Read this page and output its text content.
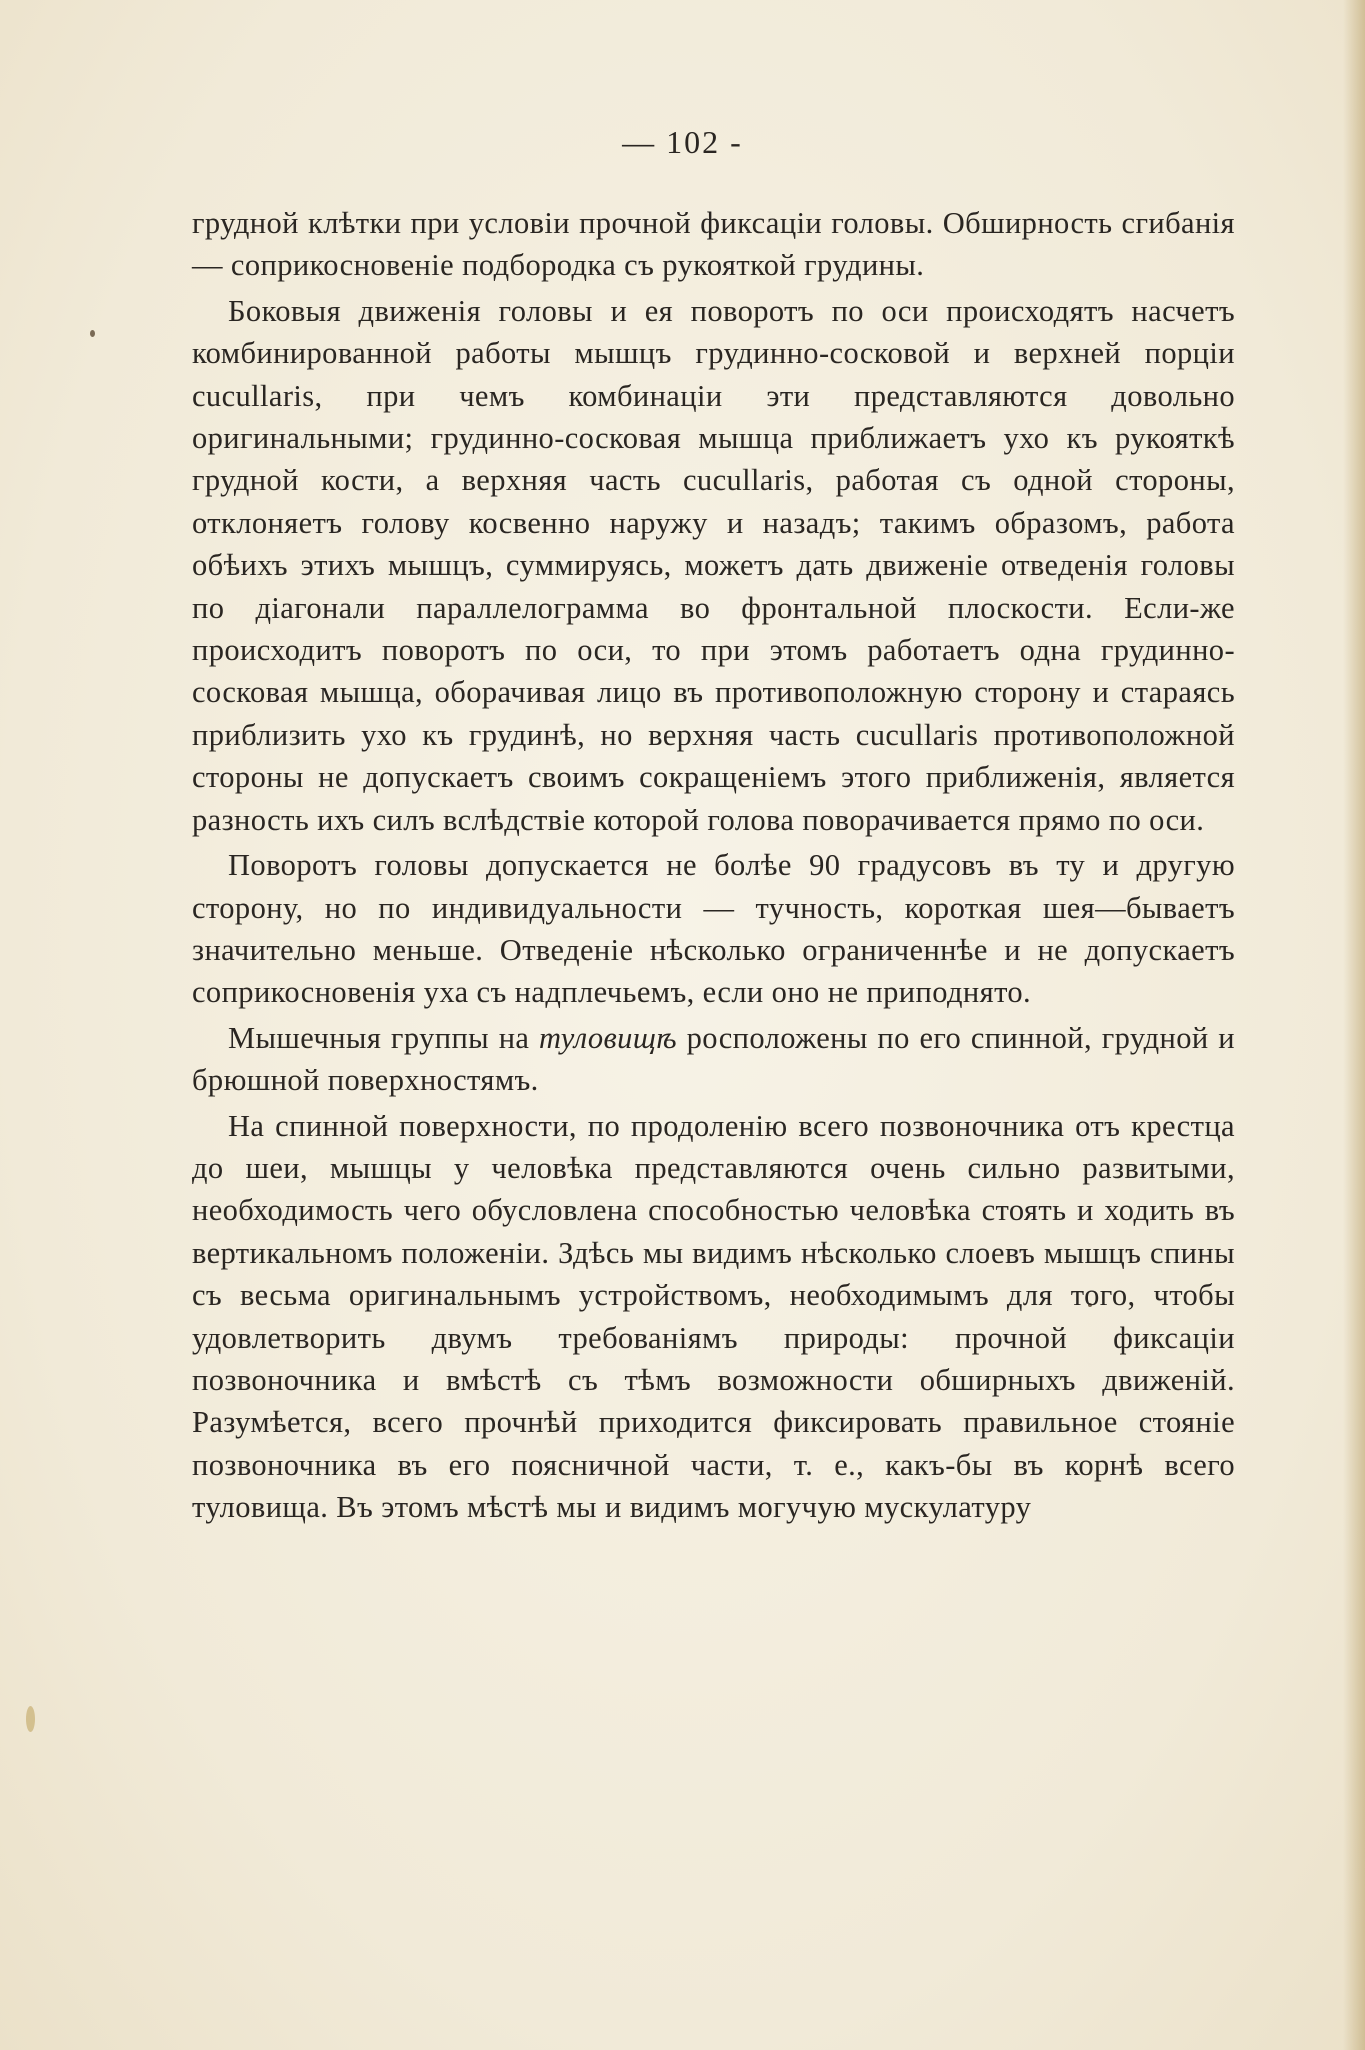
— 102 -

грудной клѣтки при условіи прочной фиксаціи головы. Обширность сгибанія — соприкосновеніе подбородка съ рукояткой грудины.

Боковыя движенія головы и ея поворотъ по оси происходятъ насчетъ комбинированной работы мышцъ грудинно-сосковой и верхней порціи cucullaris, при чемъ комбинаціи эти представляются довольно оригинальными; грудинно-сосковая мышца приближаетъ ухо къ рукояткѣ грудной кости, а верхняя часть cucullaris, работая съ одной стороны, отклоняетъ голову косвенно наружу и назадъ; такимъ образомъ, работа обѣихъ этихъ мышцъ, суммируясь, можетъ дать движеніе отведенія головы по діагонали параллелограмма во фронтальной плоскости. Если-же происходитъ поворотъ по оси, то при этомъ работаетъ одна грудинно-сосковая мышца, оборачивая лицо въ противоположную сторону и стараясь приблизить ухо къ грудинѣ, но верхняя часть cucullaris противоположной стороны не допускаетъ своимъ сокращеніемъ этого приближенія, является разность ихъ силъ вслѣдствіе которой голова поворачивается прямо по оси.

Поворотъ головы допускается не болѣе 90 градусовъ въ ту и другую сторону, но по индивидуальности — тучность, короткая шея—бываетъ значительно меньше. Отведеніе нѣсколько ограниченнѣе и не допускаетъ соприкосновенія уха съ надплечьемъ, если оно не приподнято.

Мышечныя группы на туловищѣ росположены по его спинной, грудной и брюшной поверхностямъ.

На спинной поверхности, по продоленію всего позвоночника отъ крестца до шеи, мышцы у человѣка представляются очень сильно развитыми, необходимость чего обусловлена способностью человѣка стоять и ходить въ вертикальномъ положеніи. Здѣсь мы видимъ нѣсколько слоевъ мышцъ спины съ весьма оригинальнымъ устройствомъ, необходимымъ для того, чтобы удовлетворить двумъ требованіямъ природы: прочной фиксаціи позвоночника и вмѣстѣ съ тѣмъ возможности обширныхъ движеній. Разумѣется, всего прочнѣй приходится фиксировать правильное стояніе позвоночника въ его поясничной части, т. е., какъ-бы въ корнѣ всего туловища. Въ этомъ мѣстѣ мы и видимъ могучую мускулатуру
